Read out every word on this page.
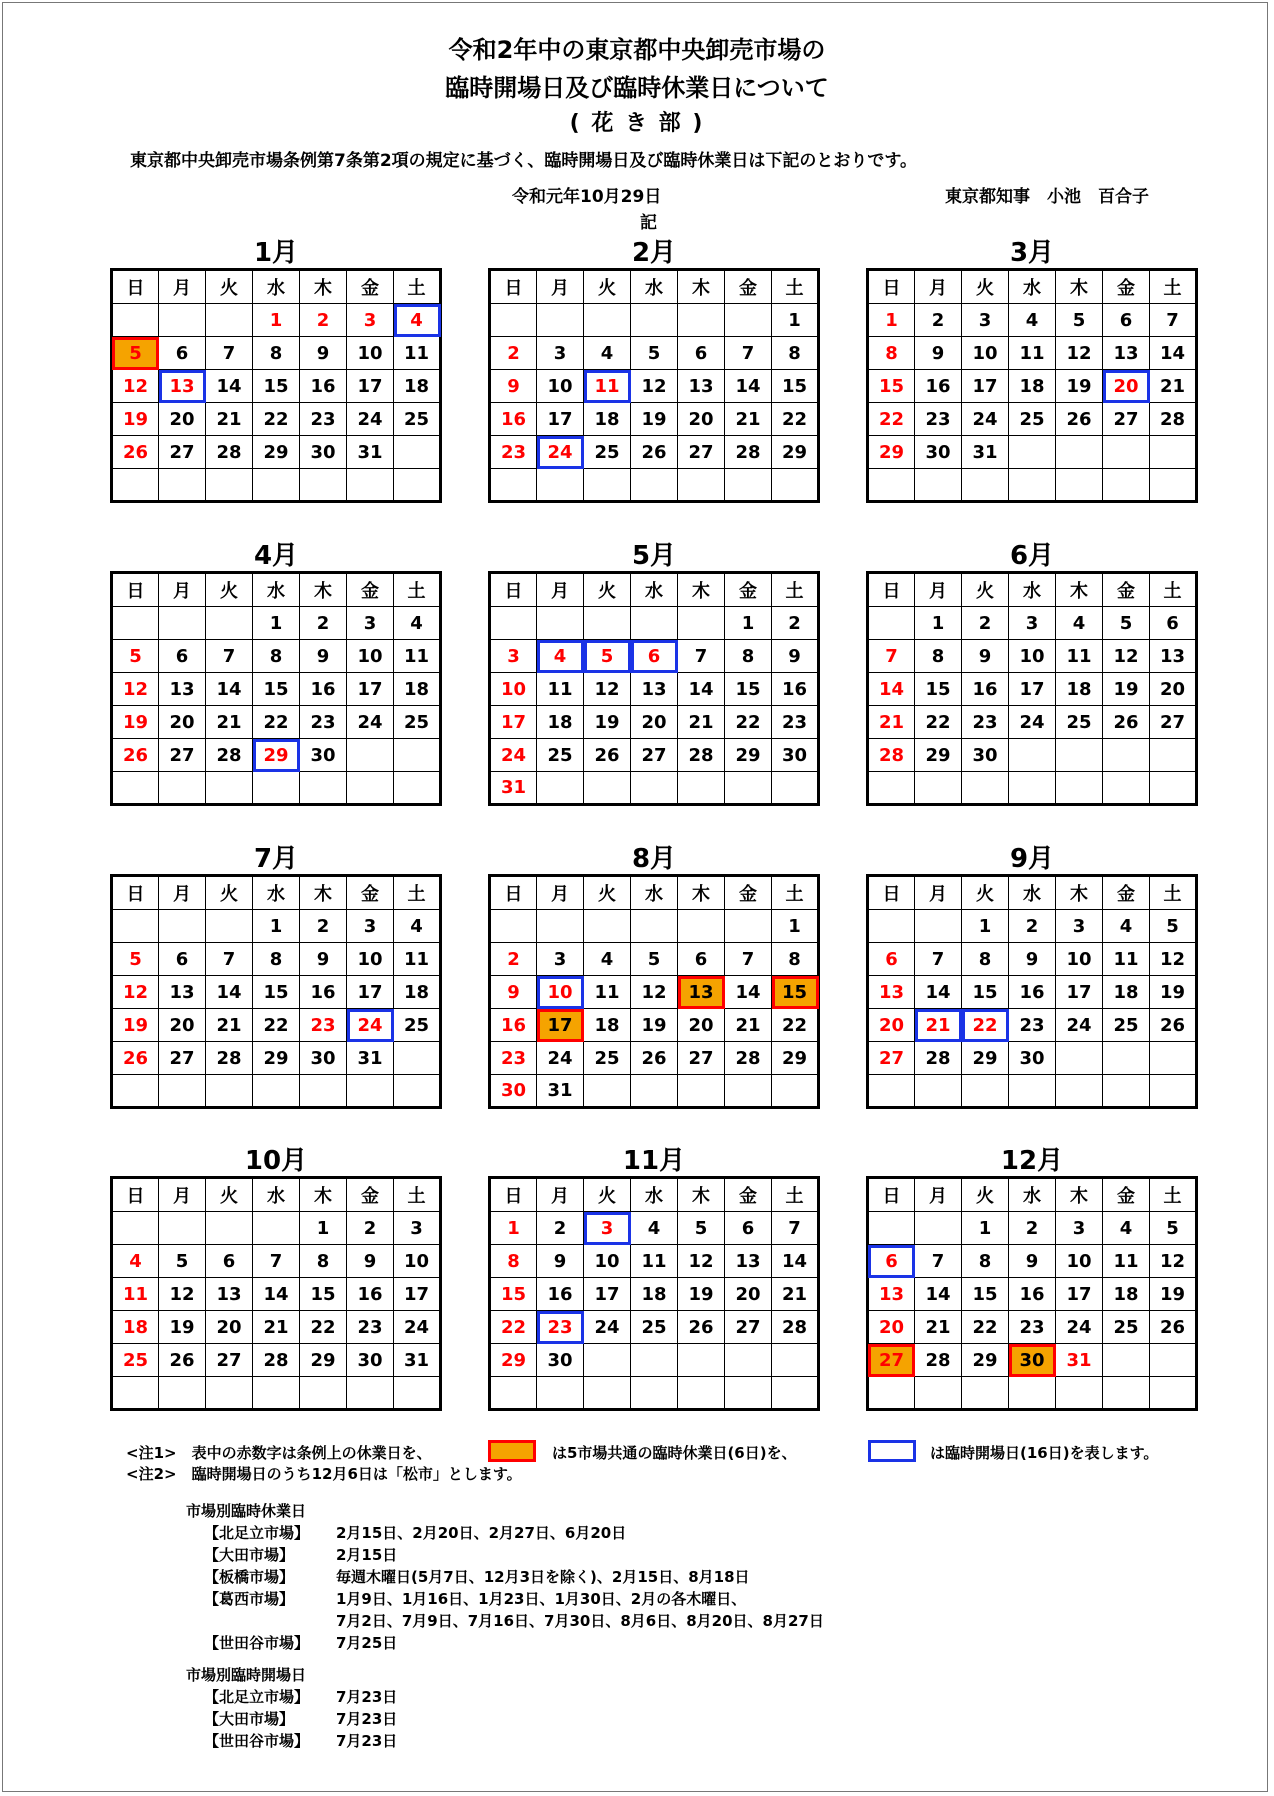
令和2年中の東京都中央卸売市場の
臨時開場日及び臨時休業日について
( 花 き 部 )
東京都中央卸売市場条例第7条第2項の規定に基づく、臨時開場日及び臨時休業日は下記のとおりです。
令和元年10月29日	東京都知事　小池　百合子
記
1月
日	月	火	水	木	金	土
			1	2	3	4
5	6	7	8	9	10	11
12	13	14	15	16	17	18
19	20	21	22	23	24	25
26	27	28	29	30	31	

2月
日	月	火	水	木	金	土
						1
2	3	4	5	6	7	8
9	10	11	12	13	14	15
16	17	18	19	20	21	22
23	24	25	26	27	28	29

3月
日	月	火	水	木	金	土
1	2	3	4	5	6	7
8	9	10	11	12	13	14
15	16	17	18	19	20	21
22	23	24	25	26	27	28
29	30	31				

4月
日	月	火	水	木	金	土
			1	2	3	4
5	6	7	8	9	10	11
12	13	14	15	16	17	18
19	20	21	22	23	24	25
26	27	28	29	30		

5月
日	月	火	水	木	金	土
					1	2
3	4	5	6	7	8	9
10	11	12	13	14	15	16
17	18	19	20	21	22	23
24	25	26	27	28	29	30
31						
6月
日	月	火	水	木	金	土
	1	2	3	4	5	6
7	8	9	10	11	12	13
14	15	16	17	18	19	20
21	22	23	24	25	26	27
28	29	30				

7月
日	月	火	水	木	金	土
			1	2	3	4
5	6	7	8	9	10	11
12	13	14	15	16	17	18
19	20	21	22	23	24	25
26	27	28	29	30	31	

8月
日	月	火	水	木	金	土
						1
2	3	4	5	6	7	8
9	10	11	12	13	14	15
16	17	18	19	20	21	22
23	24	25	26	27	28	29
30	31					
9月
日	月	火	水	木	金	土
		1	2	3	4	5
6	7	8	9	10	11	12
13	14	15	16	17	18	19
20	21	22	23	24	25	26
27	28	29	30			

10月
日	月	火	水	木	金	土
				1	2	3
4	5	6	7	8	9	10
11	12	13	14	15	16	17
18	19	20	21	22	23	24
25	26	27	28	29	30	31

11月
日	月	火	水	木	金	土
1	2	3	4	5	6	7
8	9	10	11	12	13	14
15	16	17	18	19	20	21
22	23	24	25	26	27	28
29	30					

12月
日	月	火	水	木	金	土
		1	2	3	4	5
6	7	8	9	10	11	12
13	14	15	16	17	18	19
20	21	22	23	24	25	26
27	28	29	30	31		

<注1>　表中の赤数字は条例上の休業日を、	は5市場共通の臨時休業日(6日)を、	は臨時開場日(16日)を表します。
<注2>　臨時開場日のうち12月6日は「松市」とします。
市場別臨時休業日
【北足立市場】 2月15日、2月20日、2月27日、6月20日
【大田市場】	2月15日
【板橋市場】	毎週木曜日(5月7日、12月3日を除く)、2月15日、8月18日
【葛西市場】	1月9日、1月16日、1月23日、1月30日、2月の各木曜日、
7月2日、7月9日、7月16日、7月30日、8月6日、8月20日、8月27日
【世田谷市場】 7月25日
市場別臨時開場日
【北足立市場】 7月23日
【大田市場】	7月23日
【世田谷市場】 7月23日
